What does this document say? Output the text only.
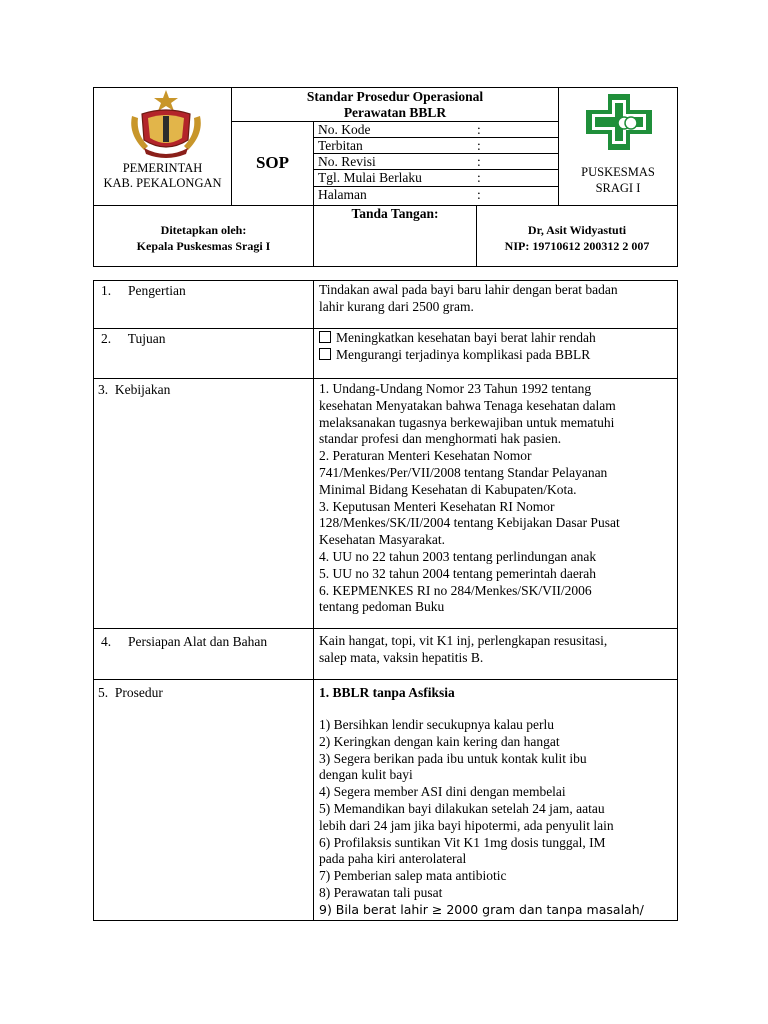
PEMERINTAH
KAB. PEKALONGAN
Standar Prosedur Operasional
Perawatan BBLR
SOP
No. Kode	:
Terbitan	:
No. Revisi	:
Tgl. Mulai Berlaku	:
Halaman	:
PUSKESMAS
SRAGI I
Ditetapkan oleh:
Kepala Puskesmas Sragi I
Tanda Tangan:
Dr, Asit Widyastuti
NIP: 19710612 200312 2 007
1.     Pengertian	Tindakan awal pada bayi baru lahir dengan berat badan
lahir kurang dari 2500 gram.
2.     Tujuan	Meningkatkan kesehatan bayi berat lahir rendah
Mengurangi terjadinya komplikasi pada BBLR
3.  Kebijakan	1. Undang-Undang Nomor 23 Tahun 1992 tentang
kesehatan Menyatakan bahwa Tenaga kesehatan dalam
melaksanakan tugasnya berkewajiban untuk mematuhi
standar profesi dan menghormati hak pasien.
2. Peraturan Menteri Kesehatan Nomor
741/Menkes/Per/VII/2008 tentang Standar Pelayanan
Minimal Bidang Kesehatan di Kabupaten/Kota.
3. Keputusan Menteri Kesehatan RI Nomor
128/Menkes/SK/II/2004 tentang Kebijakan Dasar Pusat
Kesehatan Masyarakat.
4. UU no 22 tahun 2003 tentang perlindungan anak
5. UU no 32 tahun 2004 tentang pemerintah daerah
6. KEPMENKES RI no 284/Menkes/SK/VII/2006
tentang pedoman Buku
4.     Persiapan Alat dan Bahan	Kain hangat, topi, vit K1 inj, perlengkapan resusitasi,
salep mata, vaksin hepatitis B.
5.  Prosedur	1. BBLR tanpa Asfiksia
1) Bersihkan lendir secukupnya kalau perlu
2) Keringkan dengan kain kering dan hangat
3) Segera berikan pada ibu untuk kontak kulit ibu
dengan kulit bayi
4) Segera member ASI dini dengan membelai
5) Memandikan bayi dilakukan setelah 24 jam, aatau
lebih dari 24 jam jika bayi hipotermi, ada penyulit lain
6) Profilaksis suntikan Vit K1 1mg dosis tunggal, IM
pada paha kiri anterolateral
7) Pemberian salep mata antibiotic
8) Perawatan tali pusat
9) Bila berat lahir ≥ 2000 gram dan tanpa masalah/
